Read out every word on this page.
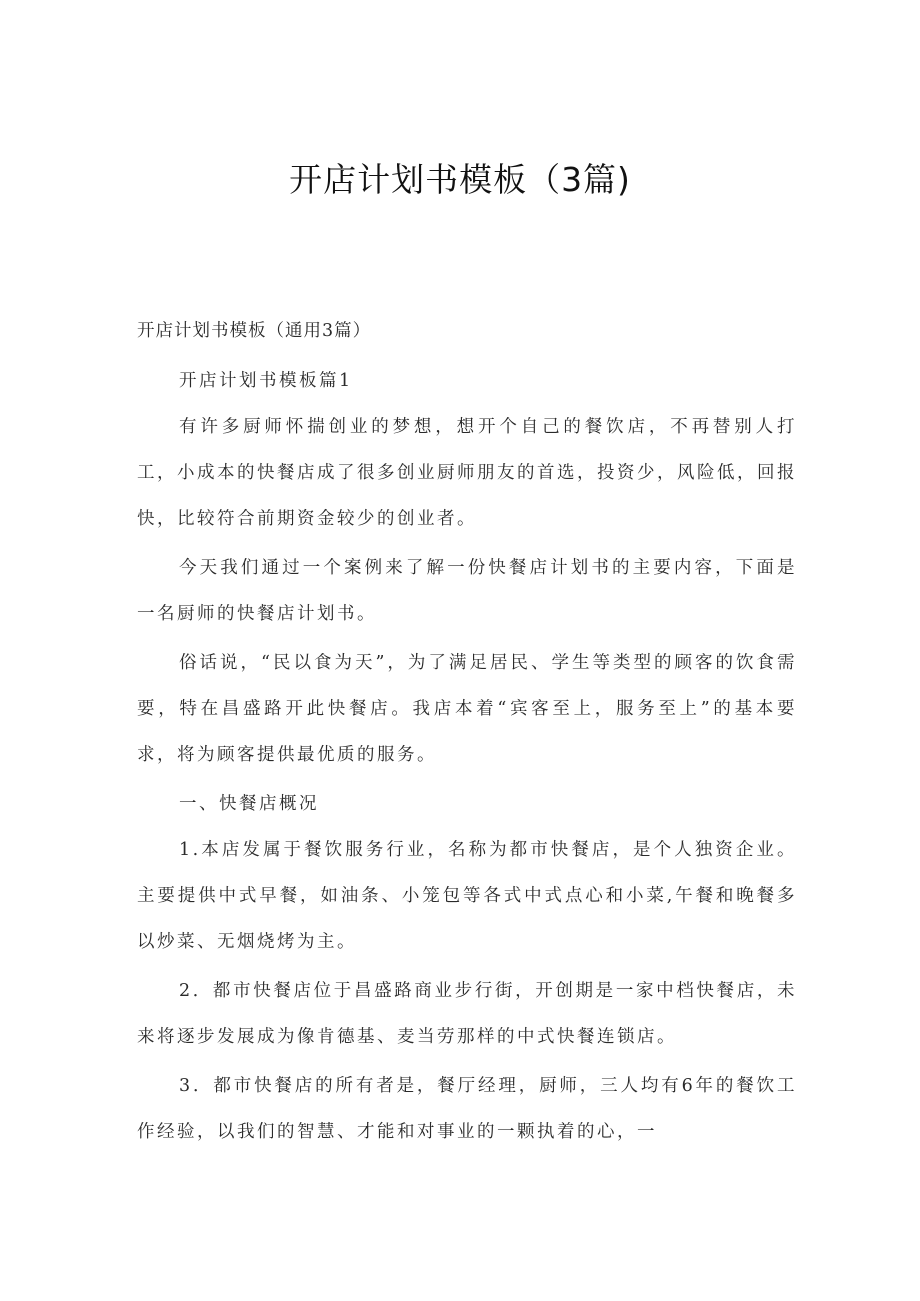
开店计划书模板（3篇)

开店计划书模板（通用3篇）

开店计划书模板篇1

有许多厨师怀揣创业的梦想，想开个自己的餐饮店，不再替别人打工，小成本的快餐店成了很多创业厨师朋友的首选，投资少，风险低，回报快，比较符合前期资金较少的创业者。

今天我们通过一个案例来了解一份快餐店计划书的主要内容，下面是一名厨师的快餐店计划书。

俗话说，“民以食为天”，为了满足居民、学生等类型的顾客的饮食需要，特在昌盛路开此快餐店。我店本着“宾客至上，服务至上”的基本要求，将为顾客提供最优质的服务。

一、快餐店概况

1.本店发属于餐饮服务行业，名称为都市快餐店，是个人独资企业。主要提供中式早餐，如油条、小笼包等各式中式点心和小菜,午餐和晚餐多以炒菜、无烟烧烤为主。

2．都市快餐店位于昌盛路商业步行街，开创期是一家中档快餐店，未来将逐步发展成为像肯德基、麦当劳那样的中式快餐连锁店。

3．都市快餐店的所有者是，餐厅经理，厨师，三人均有6年的餐饮工作经验，以我们的智慧、才能和对事业的一颗执着的心，一
